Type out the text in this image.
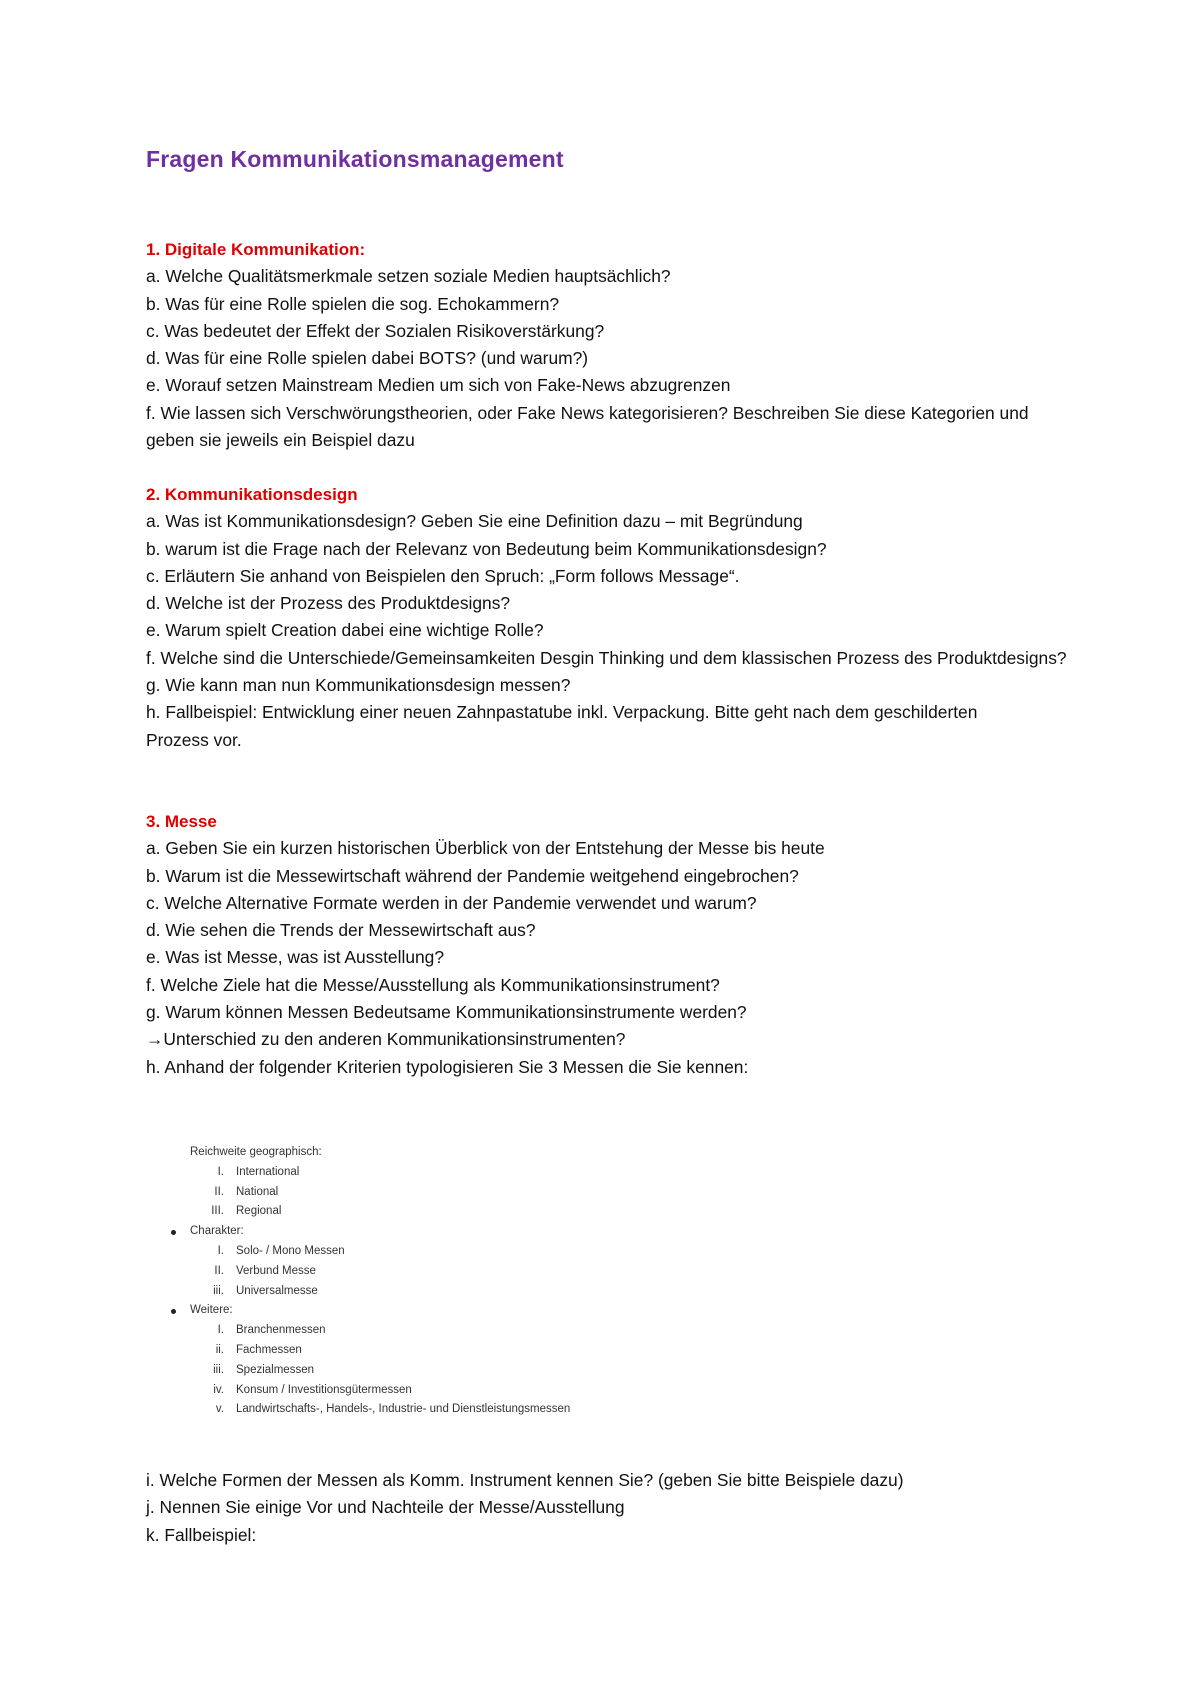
Fragen Kommunikationsmanagement
1. Digitale Kommunikation:
a. Welche Qualitätsmerkmale setzen soziale Medien hauptsächlich?
b. Was für eine Rolle spielen die sog. Echokammern?
c. Was bedeutet der Effekt der Sozialen Risikoverstärkung?
d. Was für eine Rolle spielen dabei BOTS? (und warum?)
e. Worauf setzen Mainstream Medien um sich von Fake-News abzugrenzen
f. Wie lassen sich Verschwörungstheorien, oder Fake News kategorisieren? Beschreiben Sie diese Kategorien und geben sie jeweils ein Beispiel dazu
2. Kommunikationsdesign
a. Was ist Kommunikationsdesign? Geben Sie eine Definition dazu – mit Begründung
b. warum ist die Frage nach der Relevanz von Bedeutung beim Kommunikationsdesign?
c. Erläutern Sie anhand von Beispielen den Spruch: „Form follows Message“.
d. Welche ist der Prozess des Produktdesigns?
e. Warum spielt Creation dabei eine wichtige Rolle?
f. Welche sind die Unterschiede/Gemeinsamkeiten Desgin Thinking und dem klassischen Prozess des Produktdesigns?
g. Wie kann man nun Kommunikationsdesign messen?
h. Fallbeispiel: Entwicklung einer neuen Zahnpastatube inkl. Verpackung. Bitte geht nach dem geschilderten Prozess vor.
3. Messe
a. Geben Sie ein kurzen historischen Überblick von der Entstehung der Messe bis heute
b. Warum ist die Messewirtschaft während der Pandemie weitgehend eingebrochen?
c. Welche Alternative Formate werden in der Pandemie verwendet und warum?
d. Wie sehen die Trends der Messewirtschaft aus?
e. Was ist Messe, was ist Ausstellung?
f. Welche Ziele hat die Messe/Ausstellung als Kommunikationsinstrument?
g. Warum können Messen Bedeutsame Kommunikationsinstrumente werden?
→Unterschied zu den anderen Kommunikationsinstrumenten?
h. Anhand der folgender Kriterien typologisieren Sie 3 Messen die Sie kennen:
Reichweite geographisch:
I. International
II. National
III. Regional
Charakter:
I. Solo- / Mono Messen
II. Verbund Messe
iii. Universalmesse
Weitere:
I. Branchenmessen
ii. Fachmessen
iii. Spezialmessen
iv. Konsum / Investitionsgütermessen
v. Landwirtschafts-, Handels-, Industrie- und Dienstleistungsmessen
i. Welche Formen der Messen als Komm. Instrument kennen Sie? (geben Sie bitte Beispiele dazu)
j. Nennen Sie einige Vor und Nachteile der Messe/Ausstellung
k. Fallbeispiel:
